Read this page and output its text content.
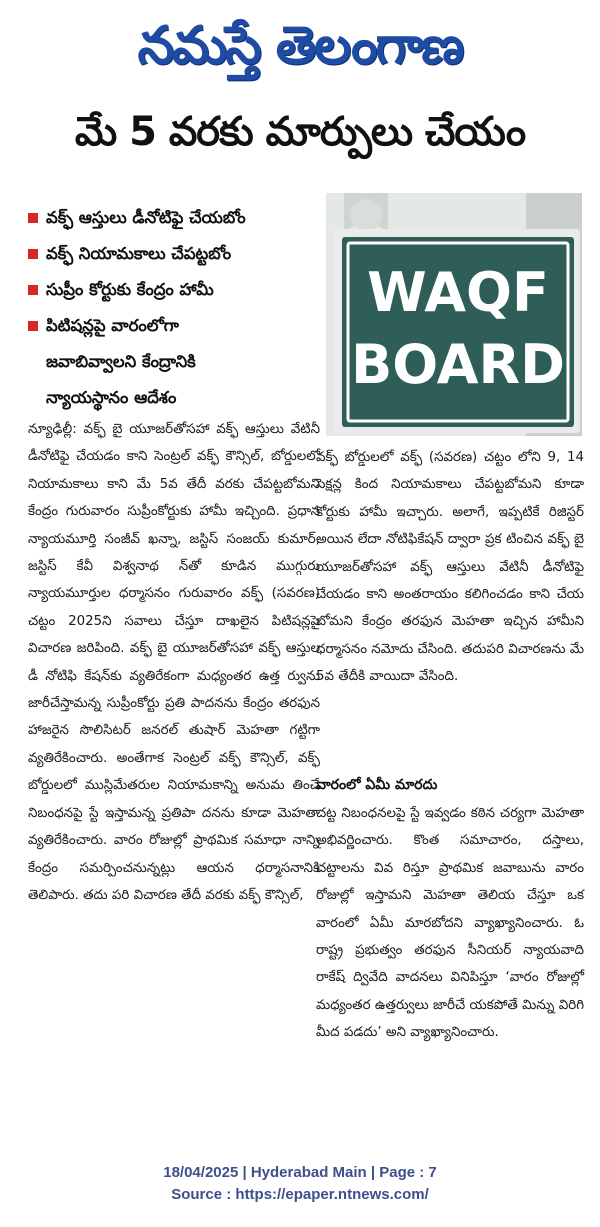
నమస్తే తెలంగాణ
మే 5 వరకు మార్పులు చేయం
వక్ఫ్ ఆస్తులు డీనోటిఫై చేయబోం
వక్ఫ్ నియామకాలు చేపట్టబోం
సుప్రీం కోర్టుకు కేంద్రం హామీ
పిటిషన్లపై వారంలోగా
జవాబివ్వాలని కేంద్రానికి
న్యాయస్థానం ఆదేశం
WAQF
BOARD

న్యూఢిల్లీ: వక్ఫ్ బై యూజర్‌తోసహా వక్ఫ్ ఆస్తులు వేటినీ డీనోటిఫై చేయడం కాని సెంట్రల్ వక్ఫ్ కౌన్సిల్, బోర్డులలో నియామకాలు కాని మే 5వ తేదీ వరకు చేపట్టబోమని కేంద్రం గురువారం సుప్రీంకోర్టుకు హామీ ఇచ్చింది. ప్రధాన న్యాయమూర్తి సంజీవ్ ఖన్నా, జస్టిస్ సంజయ్ కుమార్, జస్టిస్ కేవీ విశ్వనాథ న్‌తో కూడిన ముగ్గురు న్యాయమూర్తుల ధర్మాసనం గురువారం వక్ఫ్ (సవరణ) చట్టం 2025ని సవాలు చేస్తూ దాఖలైన పిటిషన్లపై విచారణ జరిపింది. వక్ఫ్ బై యూజర్‌తోసహా వక్ఫ్ ఆస్తుల డీ నోటిఫి కేషన్‌కు వ్యతిరేకంగా మధ్యంతర ఉత్త ర్వును జారీచేస్తామన్న సుప్రీంకోర్టు ప్రతి పాదనను కేంద్రం తరఫున హాజరైన సొలిసిటర్ జనరల్ తుషార్ మెహతా గట్టిగా వ్యతిరేకించారు. అంతేగాక సెంట్రల్ వక్ఫ్ కౌన్సిల్, వక్ఫ్ బోర్డులలో ముస్లిమేతరుల నియామకాన్ని అనుమ తించే నిబంధనపై స్టే ఇస్తామన్న ప్రతిపా దనను కూడా మెహతా వ్యతిరేకించారు. వారం రోజుల్లో ప్రాథమిక సమాధా నాన్ని కేంద్రం సమర్పించనున్నట్లు ఆయన ధర్మాసనానికి తెలిపారు. తదు పరి విచారణ తేదీ వరకు వక్ఫ్ కౌన్సిల్,

వక్ఫ్ బోర్డులలో వక్ఫ్ (సవరణ) చట్టం లోని 9, 14 సెక్షన్ల కింద నియామకాలు చేపట్టబోమని కూడా కోర్టుకు హామీ ఇచ్చారు. అలాగే, ఇప్పటికే రిజిస్టర్ అయిన లేదా నోటిఫికేషన్ ద్వారా ప్రక టించిన వక్ఫ్ బై యూజర్‌తోసహా వక్ఫ్ ఆస్తులు వేటినీ డీనోటిఫై చేయడం కాని అంతరాయం కలిగించడం కాని చేయ బోమని కేంద్రం తరఫున మెహతా ఇచ్చిన హామీని ధర్మాసనం నమోదు చేసింది. తదుపరి విచారణను మే 5వ తేదీకి వాయిదా వేసింది.

వారంలో ఏమీ మారదు

చట్ట నిబంధనలపై స్టే ఇవ్వడం కఠిన చర్యగా మెహతా అభివర్ణించారు. కొంత సమాచారం, దస్తాలు, చట్టాలను వివ రిస్తూ ప్రాథమిక జవాబును వారం రోజుల్లో ఇస్తామని మెహతా తెలియ చేస్తూ ఒక వారంలో ఏమీ మారబోదని వ్యాఖ్యానించారు. ఓ రాష్ట్ర ప్రభుత్వం తరఫున సీనియర్ న్యాయవాది రాకేష్ ద్వివేది వాదనలు వినిపిస్తూ ‘వారం రోజుల్లో మధ్యంతర ఉత్తర్వులు జారీచే యకపోతే మిన్ను విరిగి మీద పడదు’ అని వ్యాఖ్యానించారు.

18/04/2025 | Hyderabad Main | Page : 7
Source : https://epaper.ntnews.com/
